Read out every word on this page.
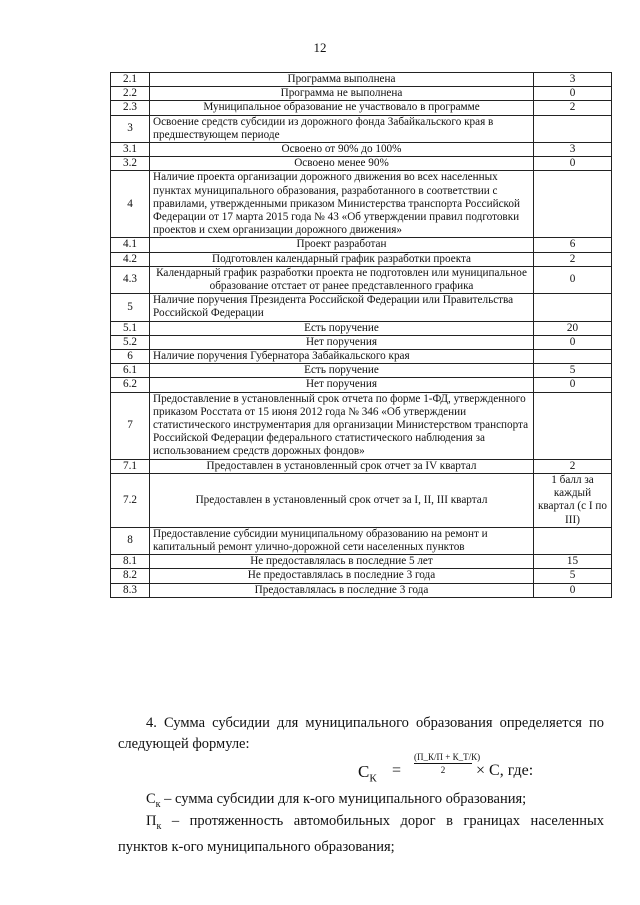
12
2.1	Программа выполнена	3
2.2	Программа не выполнена	0
2.3	Муниципальное образование не участвовало в программе	2
3	Освоение средств субсидии из дорожного фонда Забайкальского края в предшествующем периоде	
3.1	Освоено от 90% до 100%	3
3.2	Освоено менее 90%	0
4	Наличие проекта организации дорожного движения во всех населенных пунктах муниципального образования, разработанного в соответствии с правилами, утвержденными приказом Министерства транспорта Российской Федерации от 17 марта 2015 года № 43 «Об утверждении правил подготовки проектов и схем организации дорожного движения»	
4.1	Проект разработан	6
4.2	Подготовлен календарный график разработки проекта	2
4.3	Календарный график разработки проекта не подготовлен или муниципальное образование отстает от ранее представленного графика	0
5	Наличие поручения Президента Российской Федерации или Правительства Российской Федерации	
5.1	Есть поручение	20
5.2	Нет поручения	0
6	Наличие поручения Губернатора Забайкальского края	
6.1	Есть поручение	5
6.2	Нет поручения	0
7	Предоставление в установленный срок отчета по форме 1-ФД, утвержденного приказом Росстата от 15 июня 2012 года № 346 «Об утверждении статистического инструментария для организации Министерством транспорта Российской Федерации федерального статистического наблюдения за использованием средств дорожных фондов»	
7.1	Предоставлен в установленный срок отчет за IV квартал	2
7.2	Предоставлен в установленный срок отчет за I, II, III квартал	1 балл за каждый квартал (с I по III)
8	Предоставление субсидии муниципальному образованию на ремонт и капитальный ремонт улично-дорожной сети населенных пунктов	
8.1	Не предоставлялась в последние 5 лет	15
8.2	Не предоставлялась в последние 3 года	5
8.3	Предоставлялась в последние 3 года	0
4. Сумма субсидии для муниципального образования определяется по следующей формуле:
$С_К$ =
(П_К/П + К_Т/К)
2	× С, где:
$С_к$ – сумма субсидии для к-ого муниципального образования;
$П_к$ – протяженность автомобильных дорог в границах населенных пунктов к-ого муниципального образования;
